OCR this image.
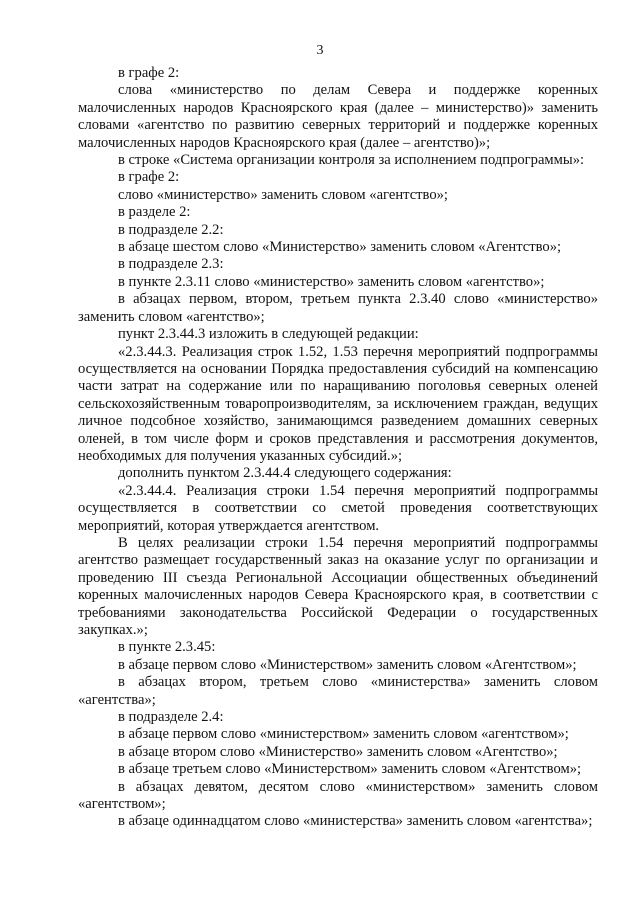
3

в графе 2:

слова «министерство по делам Севера и поддержке коренных малочисленных народов Красноярского края (далее – министерство)» заменить словами «агентство по развитию северных территорий и поддержке коренных малочисленных народов Красноярского края (далее – агентство)»;

в строке «Система организации контроля за исполнением подпрограммы»:

в графе 2:

слово «министерство» заменить словом «агентство»;

в разделе 2:

в подразделе 2.2:

в абзаце шестом слово «Министерство» заменить словом «Агентство»;

в подразделе 2.3:

в пункте 2.3.11 слово «министерство» заменить словом «агентство»;

в абзацах первом, втором, третьем пункта 2.3.40 слово «министерство» заменить словом «агентство»;

пункт 2.3.44.3 изложить в следующей редакции:

«2.3.44.3. Реализация строк 1.52, 1.53 перечня мероприятий подпрограммы осуществляется на основании Порядка предоставления субсидий на компенсацию части затрат на содержание или по наращиванию поголовья северных оленей сельскохозяйственным товаропроизводителям, за исключением граждан, ведущих личное подсобное хозяйство, занимающимся разведением домашних северных оленей, в том числе форм и сроков представления и рассмотрения документов, необходимых для получения указанных субсидий.»;

дополнить пунктом 2.3.44.4 следующего содержания:

«2.3.44.4. Реализация строки 1.54 перечня мероприятий подпрограммы осуществляется в соответствии со сметой проведения соответствующих мероприятий, которая утверждается агентством.

В целях реализации строки 1.54 перечня мероприятий подпрограммы агентство размещает государственный заказ на оказание услуг по организации и проведению III съезда Региональной Ассоциации общественных объединений коренных малочисленных народов Севера Красноярского края, в соответствии с требованиями законодательства Российской Федерации о государственных закупках.»;

в пункте 2.3.45:

в абзаце первом слово «Министерством» заменить словом «Агентством»;

в абзацах втором, третьем слово «министерства» заменить словом «агентства»;

в подразделе 2.4:

в абзаце первом слово «министерством» заменить словом «агентством»;

в абзаце втором слово «Министерство» заменить словом «Агентство»;

в абзаце третьем слово «Министерством» заменить словом «Агентством»;

в абзацах девятом, десятом слово «министерством» заменить словом «агентством»;

в абзаце одиннадцатом слово «министерства» заменить словом «агентства»;
